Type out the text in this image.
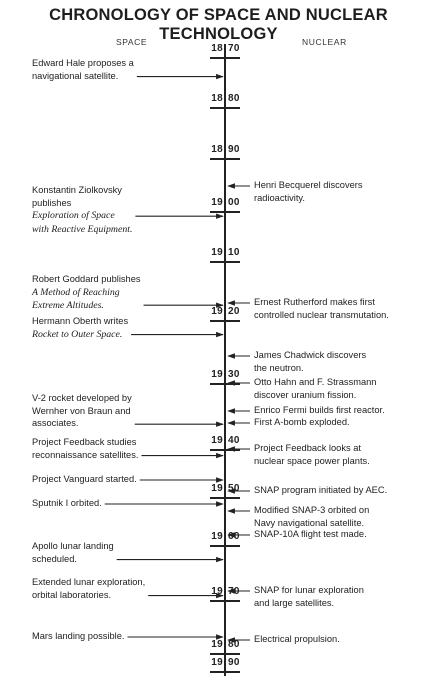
CHRONOLOGY OF SPACE AND NUCLEAR TECHNOLOGY
SPACE	NUCLEAR
18 70
18 80
18 90
19 00
19 10
19 20
19 30
19 40
19 50
19 60
19 70
19 80
19 90
Edward Hale proposes a
navigational satellite.
Konstantin Ziolkovsky
publishes
Exploration of Space
with Reactive Equipment.
Robert Goddard publishes
A Method of Reaching
Extreme Altitudes.
Hermann Oberth writes
Rocket to Outer Space.
V-2 rocket developed by
Wernher von Braun and
associates.
Project Feedback studies
reconnaissance satellites.
Project Vanguard started.
Sputnik I orbited.
Apollo lunar landing
scheduled.
Extended lunar exploration,
orbital laboratories.
Mars landing possible.
Henri Becquerel discovers
radioactivity.
Ernest Rutherford makes first
controlled nuclear transmutation.
James Chadwick discovers
the neutron.
Otto Hahn and F. Strassmann
discover uranium fission.
Enrico Fermi builds first reactor.
First A-bomb exploded.
Project Feedback looks at
nuclear space power plants.
SNAP program initiated by AEC.
Modified SNAP-3 orbited on
Navy navigational satellite.
SNAP-10A flight test made.
SNAP for lunar exploration
and large satellites.
Electrical propulsion.
